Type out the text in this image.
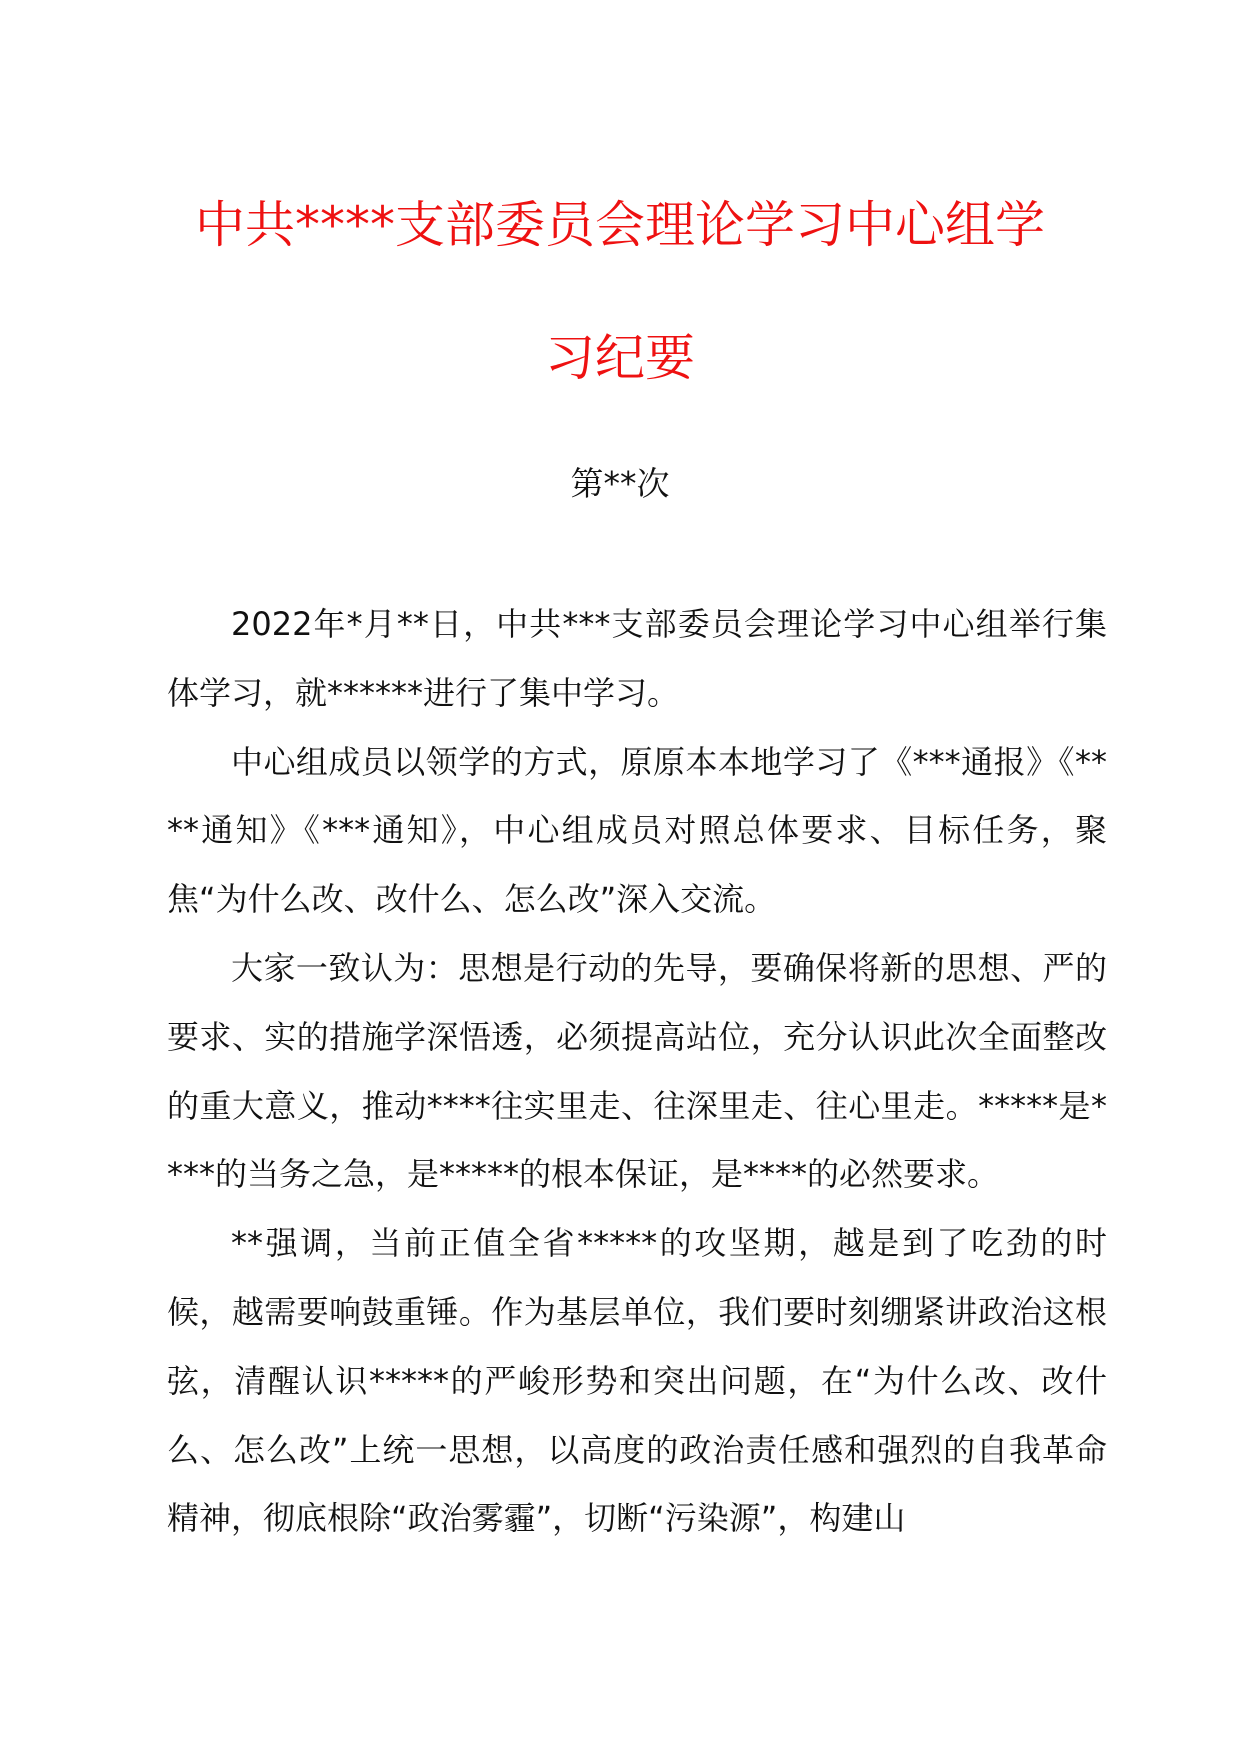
中共****支部委员会理论学习中心组学
习纪要
第**次

2022年*月**日，中共***支部委员会理论学习中心组举行集体学习，就******进行了集中学习。

中心组成员以领学的方式，原原本本地学习了《***通报》《****通知》《***通知》，中心组成员对照总体要求、目标任务，聚焦“为什么改、改什么、怎么改”深入交流。

大家一致认为：思想是行动的先导，要确保将新的思想、严的要求、实的措施学深悟透，必须提高站位，充分认识此次全面整改的重大意义，推动****往实里走、往深里走、往心里走。*****是****的当务之急，是*****的根本保证，是****的必然要求。

**强调，当前正值全省*****的攻坚期，越是到了吃劲的时候，越需要响鼓重锤。作为基层单位，我们要时刻绷紧讲政治这根弦，清醒认识*****的严峻形势和突出问题，在“为什么改、改什么、怎么改”上统一思想，以高度的政治责任感和强烈的自我革命精神，彻底根除“政治雾霾”，切断“污染源”，构建山
